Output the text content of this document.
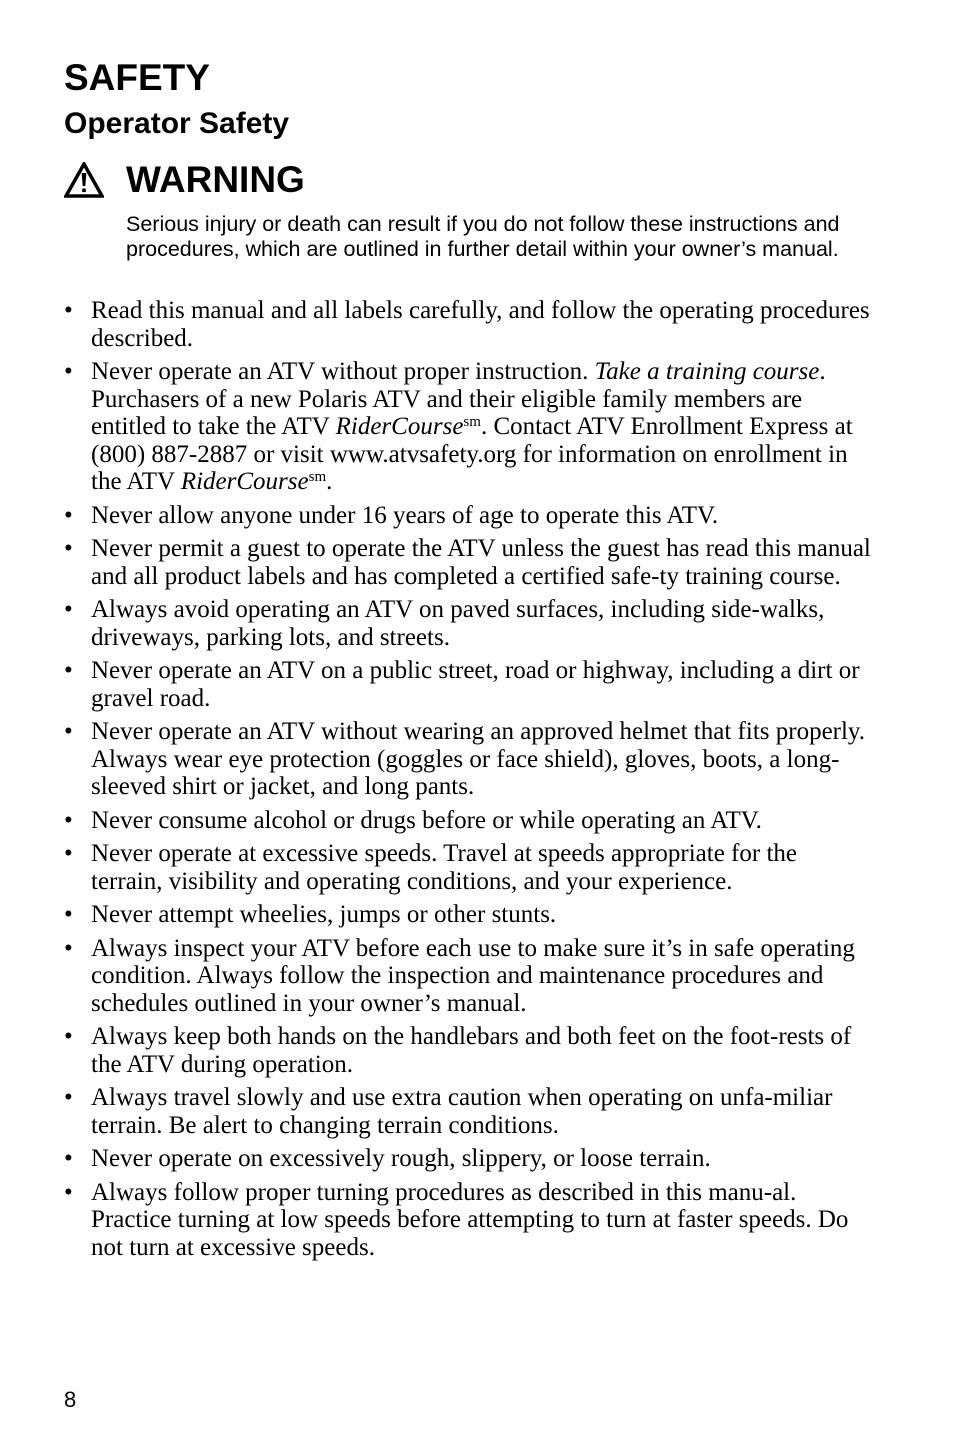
SAFETY
Operator Safety
WARNING

Serious injury or death can result if you do not follow these instructions and procedures, which are outlined in further detail within your owner’s manual.

• Read this manual and all labels carefully, and follow the operating procedures described.
• Never operate an ATV without proper instruction. Take a training course. Purchasers of a new Polaris ATV and their eligible family members are entitled to take the ATV RiderCourse$^{sm}$. Contact ATV Enrollment Express at (800) 887-2887 or visit www.atvsafety.org for information on enrollment in the ATV RiderCourse$^{sm}$.
• Never allow anyone under 16 years of age to operate this ATV.
• Never permit a guest to operate the ATV unless the guest has read this manual and all product labels and has completed a certified safe-ty training course.
• Always avoid operating an ATV on paved surfaces, including side-walks, driveways, parking lots, and streets.
• Never operate an ATV on a public street, road or highway, including a dirt or gravel road.
• Never operate an ATV without wearing an approved helmet that fits properly. Always wear eye protection (goggles or face shield), gloves, boots, a long-sleeved shirt or jacket, and long pants.
• Never consume alcohol or drugs before or while operating an ATV.
• Never operate at excessive speeds. Travel at speeds appropriate for the terrain, visibility and operating conditions, and your experience.
• Never attempt wheelies, jumps or other stunts.
• Always inspect your ATV before each use to make sure it’s in safe operating condition. Always follow the inspection and maintenance procedures and schedules outlined in your owner’s manual.
• Always keep both hands on the handlebars and both feet on the foot-rests of the ATV during operation.
• Always travel slowly and use extra caution when operating on unfa-miliar terrain. Be alert to changing terrain conditions.
• Never operate on excessively rough, slippery, or loose terrain.
• Always follow proper turning procedures as described in this manu-al. Practice turning at low speeds before attempting to turn at faster speeds. Do not turn at excessive speeds.

8
